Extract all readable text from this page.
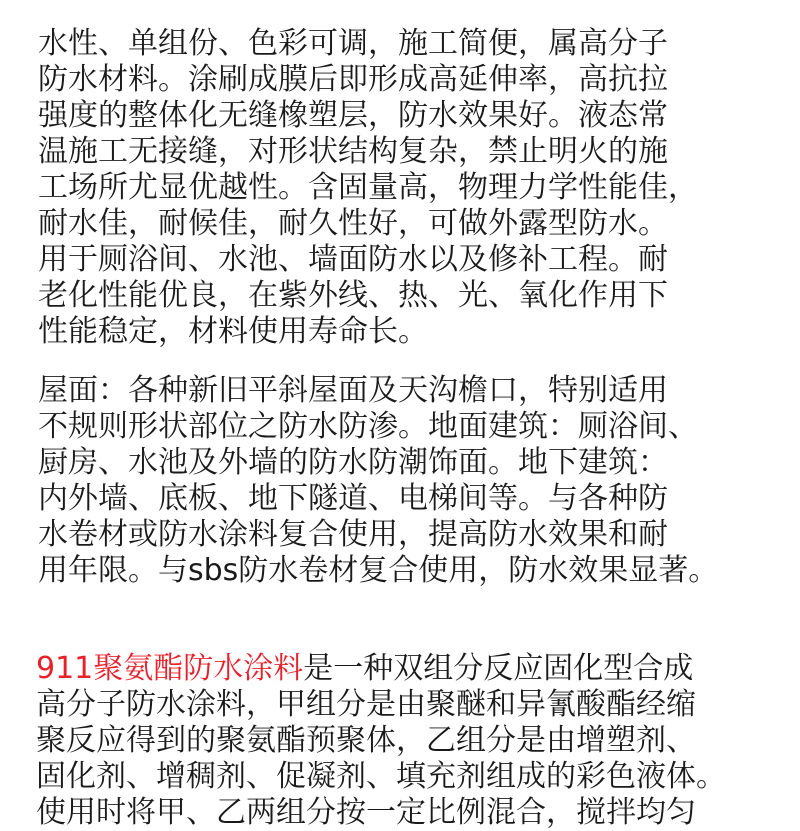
水性、单组份、色彩可调，施工简便，属高分子
防水材料。涂刷成膜后即形成高延伸率，高抗拉
强度的整体化无缝橡塑层，防水效果好。液态常
温施工无接缝，对形状结构复杂，禁止明火的施
工场所尤显优越性。含固量高，物理力学性能佳，
耐水佳，耐候佳，耐久性好，可做外露型防水。
用于厕浴间、水池、墙面防水以及修补工程。耐
老化性能优良，在紫外线、热、光、氧化作用下
性能稳定，材料使用寿命长。
屋面：各种新旧平斜屋面及天沟檐口，特别适用
不规则形状部位之防水防渗。地面建筑：厕浴间、
厨房、水池及外墙的防水防潮饰面。地下建筑：
内外墙、底板、地下隧道、电梯间等。与各种防
水卷材或防水涂料复合使用，提高防水效果和耐
用年限。与sbs防水卷材复合使用，防水效果显著。
911聚氨酯防水涂料是一种双组分反应固化型合成
高分子防水涂料，甲组分是由聚醚和异氰酸酯经缩
聚反应得到的聚氨酯预聚体，乙组分是由增塑剂、
固化剂、增稠剂、促凝剂、填充剂组成的彩色液体。
使用时将甲、乙两组分按一定比例混合，搅拌均匀
